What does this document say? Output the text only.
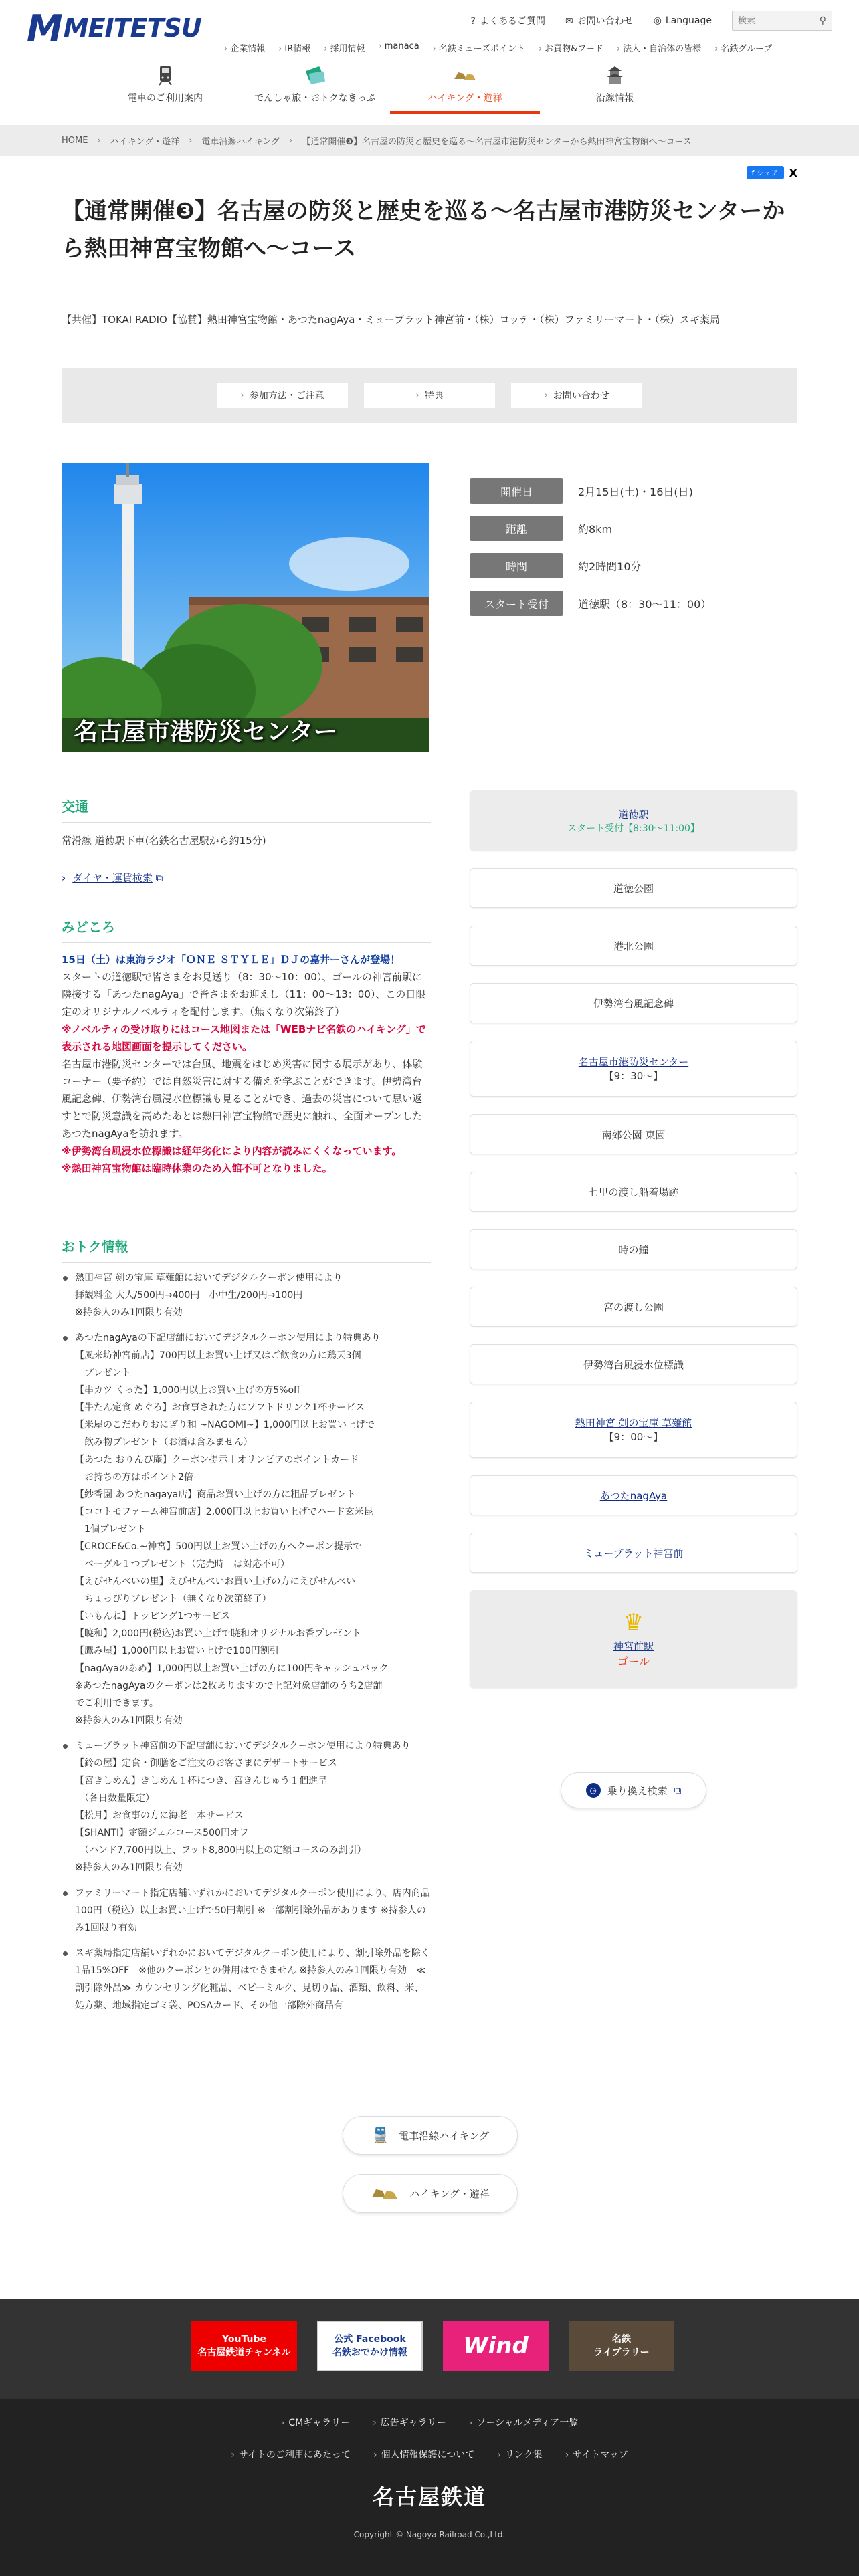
M MEITETSU	? よくあるご質問 ✉ お問い合わせ ◎ Language
検索	⚲
› 企業情報 › IR情報 › 採用情報 › manaca › 名鉄ミューズポイント › お買物&フード › 法人・自治体の皆様 › 名鉄グループ
電車のご利用案内	でんしゃ旅・おトクなきっぷ	ハイキング・遊祥	沿線情報
HOME › ハイキング・遊祥 › 電車沿線ハイキング › 【通常開催❸】名古屋の防災と歴史を巡る〜名古屋市港防災センターから熱田神宮宝物館へ〜コース
f シェア	X
【通常開催❸】名古屋の防災と歴史を巡る〜名古屋市港防災センターから熱田神宮宝物館へ〜コース
【共催】TOKAI RADIO【協賛】熱田神宮宝物館・あつたnagAya・ミューブラット神宮前・（株）ロッテ・（株）ファミリーマート・（株）スギ薬局
› 参加方法・ご注意	› 特典	› お問い合わせ
名古屋市港防災センター
開催日	2月15日(土)・16日(日)
距離	約8km
時間	約2時間10分
スタート受付	道徳駅（8：30〜11：00）
交通
常滑線 道徳駅下車(名鉄名古屋駅から約15分)
› ダイヤ・運賃検索 ⧉
みどころ
15日（土）は東海ラジオ「ＯＮＥ ＳＴＹＬＥ」ＤＪの嘉井ーさんが登場！
スタートの道徳駅で皆さまをお見送り（8：30〜10：00）、ゴールの神宮前駅に隣接する「あつたnagAya」で皆さまをお迎えし（11：00〜13：00）、この日限定のオリジナルノベルティを配付します。（無くなり次第終了）
※ノベルティの受け取りにはコース地図または「WEBナビ名鉄のハイキング」で表示される地図画面を提示してください。
名古屋市港防災センターでは台風、地震をはじめ災害に関する展示があり、体験コーナー（要予約）では自然災害に対する備えを学ぶことができます。伊勢湾台風記念碑、伊勢湾台風浸水位標識も見ることができ、過去の災害について思い返すとで防災意識を高めたあとは熱田神宮宝物館で歴史に触れ、全面オープンしたあつたnagAyaを訪れます。
※伊勢湾台風浸水位標識は経年劣化により内容が読みにくくなっています。
※熱田神宮宝物館は臨時休業のため入館不可となりました。
おトク情報
熱田神宮 剣の宝庫 草薙館においてデジタルクーポン使用により
拝観料金 大人/500円→400円　小中生/200円→100円
※持参人のみ1回限り有効
あつたnagAyaの下記店舗においてデジタルクーポン使用により特典あり
【風来坊神宮前店】700円以上お買い上げ又はご飲食の方に鶏天3個
　プレゼント
【串カツ くった】1,000円以上お買い上げの方5%off
【牛たん定食 めぐろ】お食事された方にソフトドリンク1杯サービス
【米屋のこだわりおにぎり和 ~NAGOMI~】1,000円以上お買い上げで
　飲み物プレゼント（お酒は含みません）
【あつた おりんぴ庵】クーポン提示＋オリンピアのポイントカード
　お持ちの方はポイント2倍
【紗香園 あつたnagaya店】商品お買い上げの方に粗品プレゼント
【ココトモファーム神宮前店】2,000円以上お買い上げでハード玄米昆
　1個プレゼント
【CROCE&Co.~神宮】500円以上お買い上げの方ヘクーポン提示で
　ベーグル１つプレゼント（完売時　は対応不可）
【えびせんべいの里】えびせんべいお買い上げの方にえびせんべい
　ちょっぴりプレゼント（無くなり次第終了）
【いもんね】トッピング1つサービス
【暁和】2,000円(税込)お買い上げで暁和オリジナルお香プレゼント
【鷹み屋】1,000円以上お買い上げで100円割引
【nagAyaのあめ】1,000円以上お買い上げの方に100円キャッシュバック
※あつたnagAyaのクーポンは2枚ありますので上記対象店舗のうち2店舗
でご利用できます。
※持参人のみ1回限り有効
ミューブラット神宮前の下記店舗においてデジタルクーポン使用により特典あり
【鈴の屋】定食・御膳をご注文のお客さまにデザートサービス
【宮きしめん】きしめん１杯につき、宮きんじゅう１個進呈
　（各日数量限定）
【松月】お食事の方に海老一本サービス
【SHANTI】定額ジェルコース500円オフ
　（ハンド7,700円以上、フット8,800円以上の定額コースのみ割引）
※持参人のみ1回限り有効
ファミリーマート指定店舗いずれかにおいてデジタルクーポン使用により、店内商品100円（税込）以上お買い上げで50円割引 ※一部割引除外品があります ※持参人のみ1回限り有効
スギ薬局指定店舗いずれかにおいてデジタルクーポン使用により、割引除外品を除く1品15%OFF　※他のクーポンとの併用はできません ※持参人のみ1回限り有効　≪割引除外品≫ カウンセリング化粧品、ベビーミルク、見切り品、酒類、飲料、米、処方薬、地域指定ゴミ袋、POSAカード、その他一部除外商品有
道徳駅
スタート受付【8:30〜11:00】
道徳公園
港北公園
伊勢湾台風記念碑
名古屋市港防災センター
【9：30〜】
南郊公園 東園
七里の渡し船着場跡
時の鐘
宮の渡し公園
伊勢湾台風浸水位標識
熱田神宮 剣の宝庫 草薙館
【9：00〜】
あつたnagAya
ミューブラット神宮前
♛
神宮前駅
ゴール
◷	乗り換え検索 ⧉
🚆 電車沿線ハイキング
ハイキング・遊祥
YouTube
名古屋鉄道チャンネル
公式 Facebook
名鉄おでかけ情報 Wind	名鉄
ライブラリー
› CMギャラリー › 広告ギャラリー › ソーシャルメディア一覧
› サイトのご利用にあたって › 個人情報保護について › リンク集 › サイトマップ
名古屋鉄道
Copyright © Nagoya Railroad Co.,Ltd.
